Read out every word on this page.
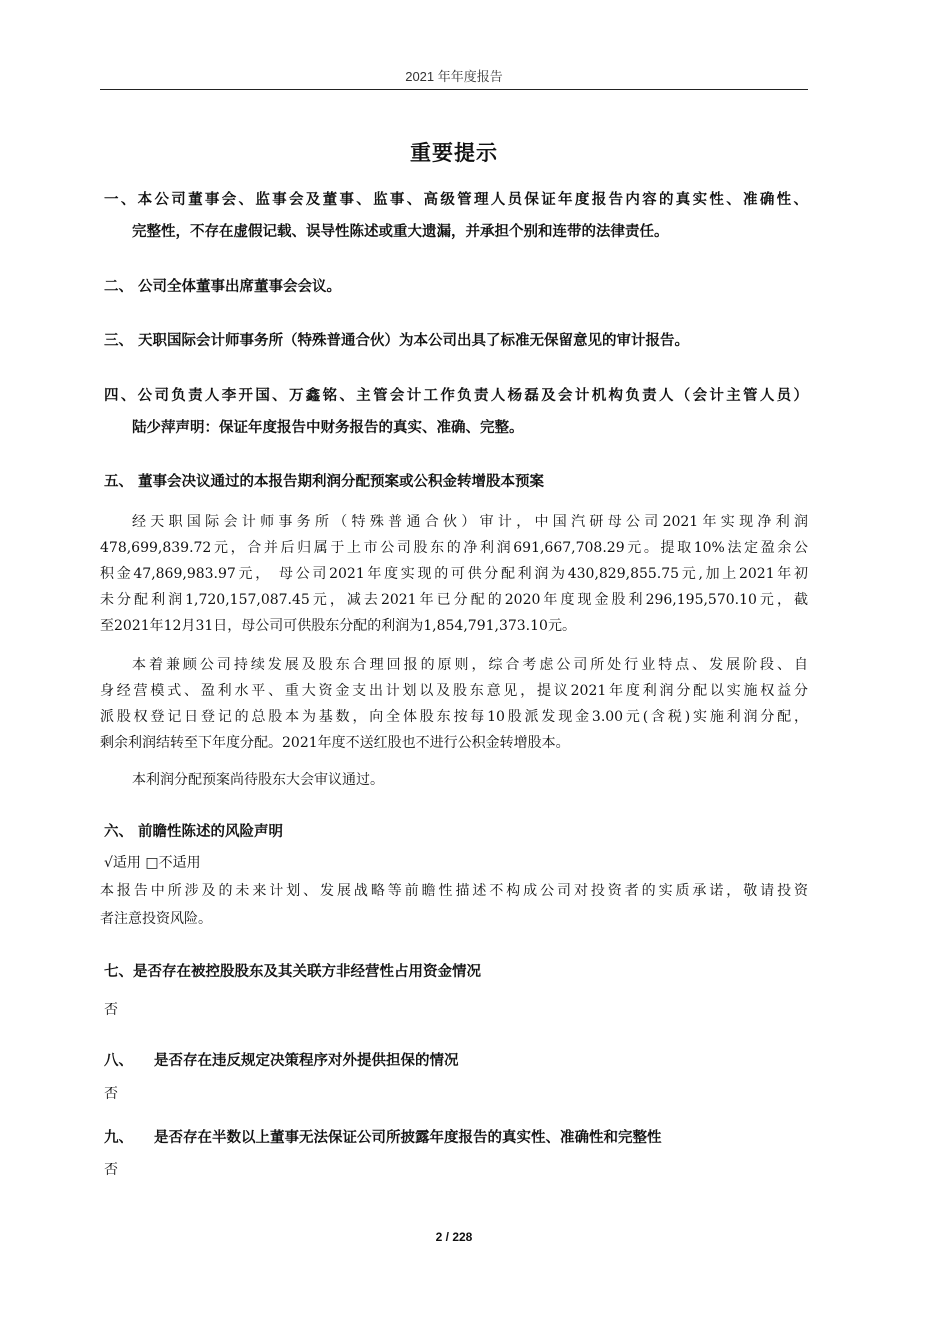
2021 年年度报告
重要提示
一、本公司董事会、监事会及董事、监事、高级管理人员保证年度报告内容的真实性、准确性、
完整性，不存在虚假记载、误导性陈述或重大遗漏，并承担个别和连带的法律责任。
二、 公司全体董事出席董事会会议。
三、 天职国际会计师事务所（特殊普通合伙）为本公司出具了标准无保留意见的审计报告。
四、公司负责人李开国、万鑫铭、主管会计工作负责人杨磊及会计机构负责人（会计主管人员）
陆少萍声明：保证年度报告中财务报告的真实、准确、完整。
五、 董事会决议通过的本报告期利润分配预案或公积金转增股本预案
经天职国际会计师事务所（特殊普通合伙）审计，中国汽研母公司2021年实现净利润
478,699,839.72元，合并后归属于上市公司股东的净利润691,667,708.29元。提取10%法定盈余公
积金47,869,983.97元， 母公司2021年度实现的可供分配利润为430,829,855.75元,加上2021年初
未分配利润1,720,157,087.45元，减去2021年已分配的2020年度现金股利296,195,570.10元，截
至2021年12月31日，母公司可供股东分配的利润为1,854,791,373.10元。
本着兼顾公司持续发展及股东合理回报的原则，综合考虑公司所处行业特点、发展阶段、自
身经营模式、盈利水平、重大资金支出计划以及股东意见，提议2021年度利润分配以实施权益分
派股权登记日登记的总股本为基数，向全体股东按每10股派发现金3.00元(含税)实施利润分配，
剩余利润结转至下年度分配。2021年度不送红股也不进行公积金转增股本。
本利润分配预案尚待股东大会审议通过。
六、 前瞻性陈述的风险声明
√适用 □不适用
本报告中所涉及的未来计划、发展战略等前瞻性描述不构成公司对投资者的实质承诺，敬请投资
者注意投资风险。
七、是否存在被控股股东及其关联方非经营性占用资金情况
否
八、 是否存在违反规定决策程序对外提供担保的情况
否
九、 是否存在半数以上董事无法保证公司所披露年度报告的真实性、准确性和完整性
否
2 / 228
